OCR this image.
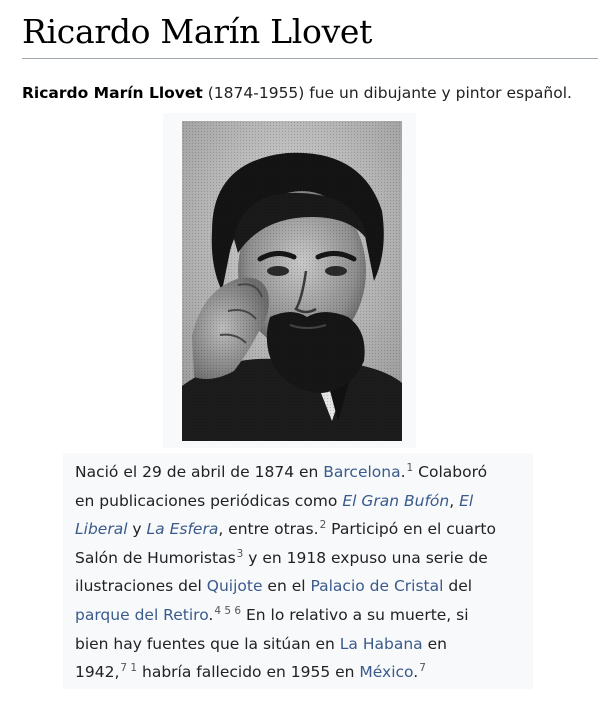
Ricardo Marín Llovet

Ricardo Marín Llovet (1874-1955) fue un dibujante y pintor español.

Nació el 29 de abril de 1874 en Barcelona.$^1$ Colaboró
en publicaciones periódicas como El Gran Bufón, El
Liberal y La Esfera, entre otras.$^2$ Participó en el cuarto
Salón de Humoristas$^3$ y en 1918 expuso una serie de
ilustraciones del Quijote en el Palacio de Cristal del
parque del Retiro.$^{4 5 6}$ En lo relativo a su muerte, si
bien hay fuentes que la sitúan en La Habana en
1942,$^{7 1}$ habría fallecido en 1955 en México.$^7$
